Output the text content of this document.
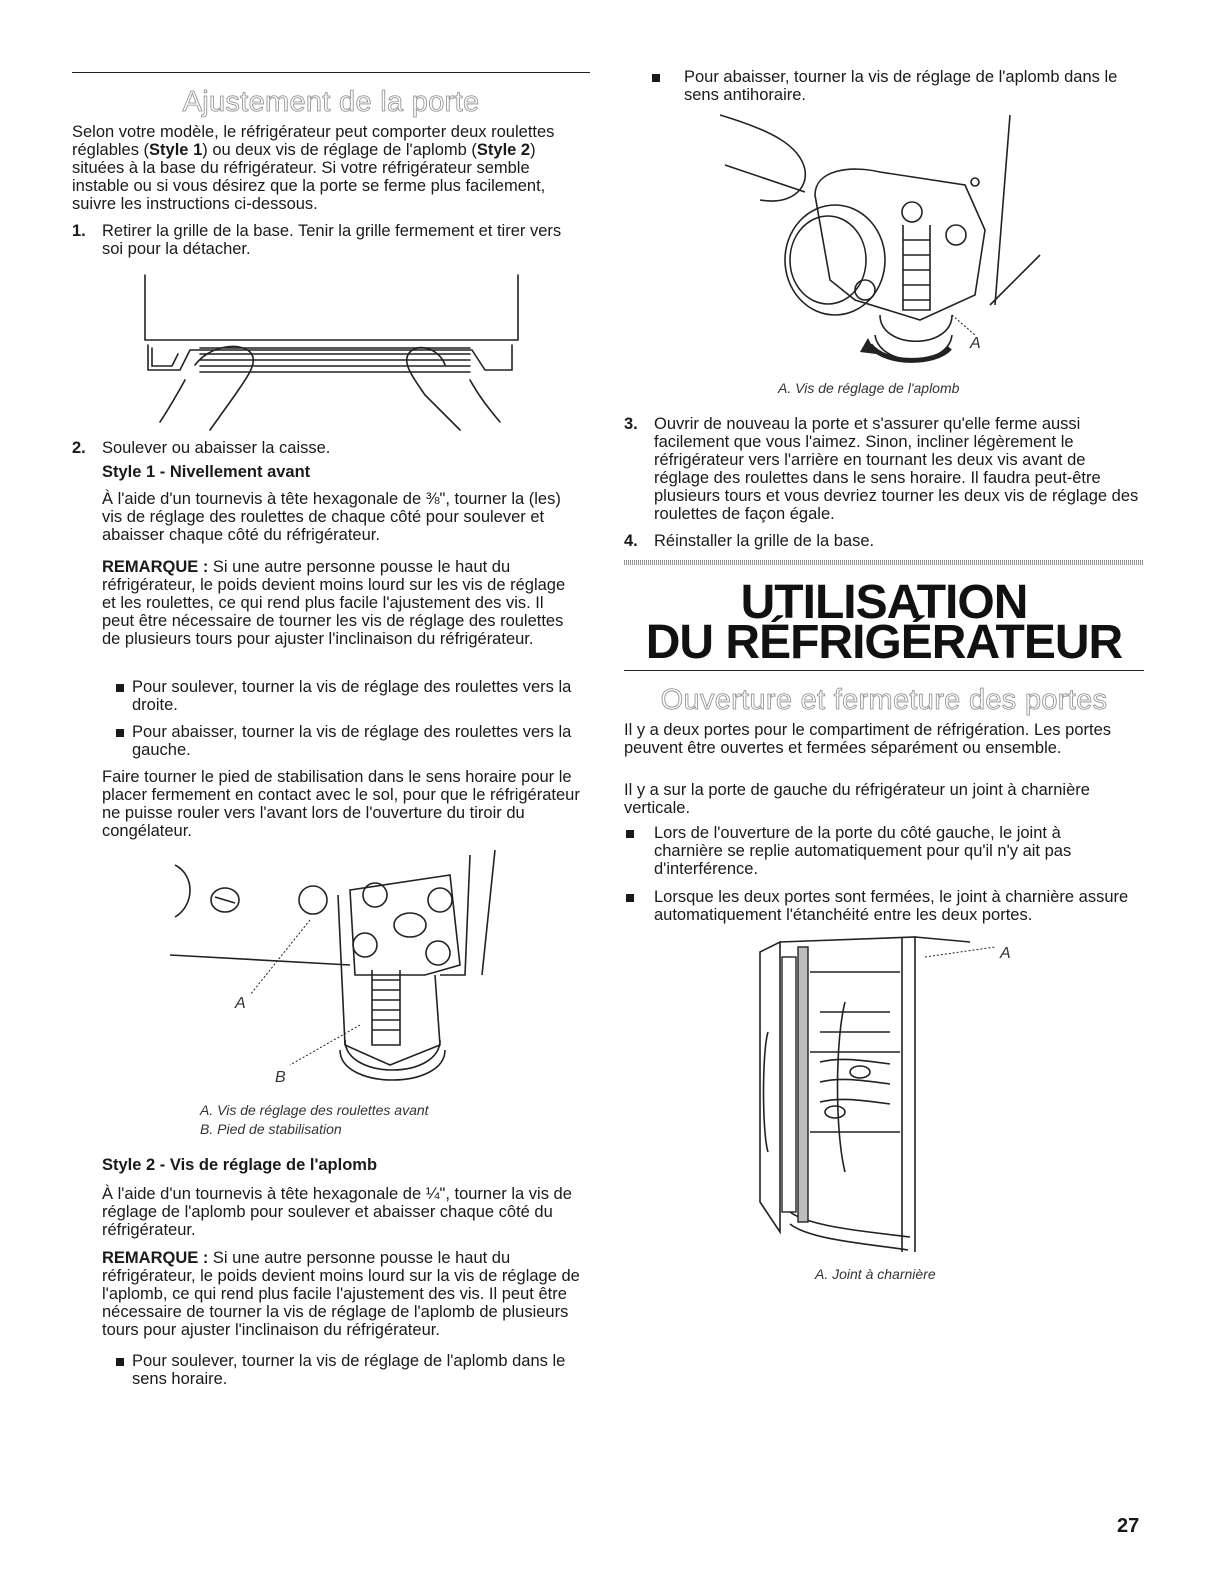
Ajustement de la porte

Selon votre modèle, le réfrigérateur peut comporter deux roulettes

réglables (Style 1) ou deux vis de réglage de l'aplomb (Style 2)

situées à la base du réfrigérateur. Si votre réfrigérateur semble instable ou si vous désirez que la porte se ferme plus facilement, suivre les instructions ci-dessous.

1. Retirer la grille de la base. Tenir la grille fermement et tirer vers soi pour la détacher.

2. Soulever ou abaisser la caisse.

Style 1 - Nivellement avant

À l'aide d'un tournevis à tête hexagonale de ⅜", tourner la (les) vis de réglage des roulettes de chaque côté pour soulever et abaisser chaque côté du réfrigérateur.

REMARQUE : Si une autre personne pousse le haut du réfrigérateur, le poids devient moins lourd sur les vis de réglage et les roulettes, ce qui rend plus facile l'ajustement des vis. Il peut être nécessaire de tourner les vis de réglage des roulettes de plusieurs tours pour ajuster l'inclinaison du réfrigérateur.

Pour soulever, tourner la vis de réglage des roulettes vers la droite.

Pour abaisser, tourner la vis de réglage des roulettes vers la gauche.

Faire tourner le pied de stabilisation dans le sens horaire pour le placer fermement en contact avec le sol, pour que le réfrigérateur ne puisse rouler vers l'avant lors de l'ouverture du tiroir du congélateur.

A
B
A. Vis de réglage des roulettes avant
B. Pied de stabilisation

Style 2 - Vis de réglage de l'aplomb

À l'aide d'un tournevis à tête hexagonale de ¼", tourner la vis de réglage de l'aplomb pour soulever et abaisser chaque côté du réfrigérateur.

REMARQUE : Si une autre personne pousse le haut du réfrigérateur, le poids devient moins lourd sur la vis de réglage de l'aplomb, ce qui rend plus facile l'ajustement des vis. Il peut être nécessaire de tourner la vis de réglage de l'aplomb de plusieurs tours pour ajuster l'inclinaison du réfrigérateur.

Pour soulever, tourner la vis de réglage de l'aplomb dans le sens horaire.

Pour abaisser, tourner la vis de réglage de l'aplomb dans le sens antihoraire.

A
A. Vis de réglage de l'aplomb
3. Ouvrir de nouveau la porte et s'assurer qu'elle ferme aussi facilement que vous l'aimez. Sinon, incliner légèrement le réfrigérateur vers l'arrière en tournant les deux vis avant de réglage des roulettes dans le sens horaire. Il faudra peut-être plusieurs tours et vous devriez tourner les deux vis de réglage des roulettes de façon égale.

4. Réinstaller la grille de la base.

UTILISATION
DU RÉFRIGÉRATEUR
Ouverture et fermeture des portes

Il y a deux portes pour le compartiment de réfrigération. Les portes peuvent être ouvertes et fermées séparément ou ensemble.

Il y a sur la porte de gauche du réfrigérateur un joint à charnière verticale.

Lors de l'ouverture de la porte du côté gauche, le joint à charnière se replie automatiquement pour qu'il n'y ait pas d'interférence.

Lorsque les deux portes sont fermées, le joint à charnière assure automatiquement l'étanchéité entre les deux portes.

A
A. Joint à charnière
27
